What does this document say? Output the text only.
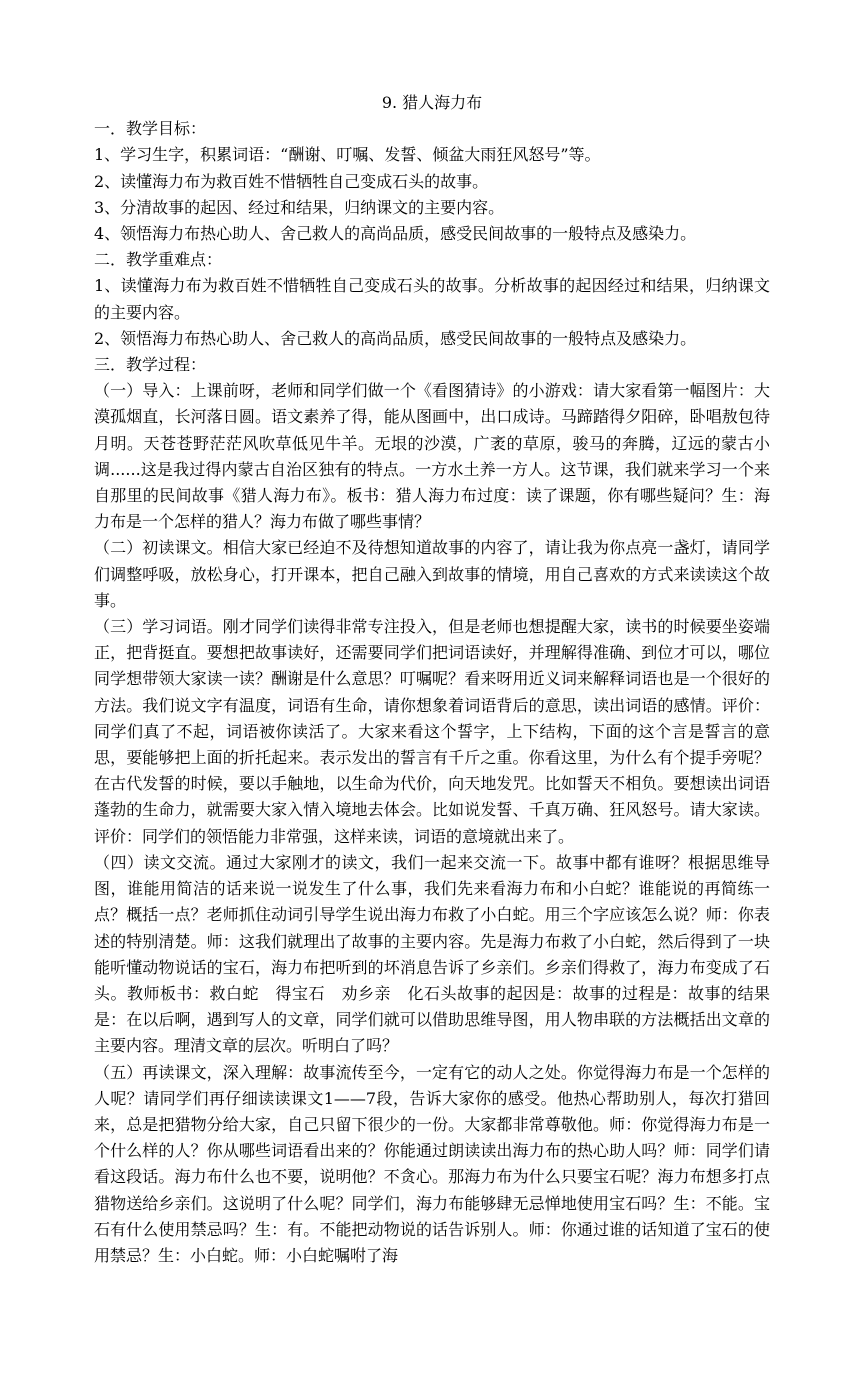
9. 猎人海力布

一．教学目标：

1、学习生字，积累词语：“酬谢、叮嘱、发誓、倾盆大雨狂风怒号”等。

2、读懂海力布为救百姓不惜牺牲自己变成石头的故事。

3、分清故事的起因、经过和结果，归纳课文的主要内容。

4、领悟海力布热心助人、舍己救人的高尚品质，感受民间故事的一般特点及感染力。

二．教学重难点：

1、读懂海力布为救百姓不惜牺牲自己变成石头的故事。分析故事的起因经过和结果，归纳课文的主要内容。

2、领悟海力布热心助人、舍己救人的高尚品质，感受民间故事的一般特点及感染力。

三．教学过程：

（一）导入：上课前呀，老师和同学们做一个《看图猜诗》的小游戏：请大家看第一幅图片：大漠孤烟直，长河落日圆。语文素养了得，能从图画中，出口成诗。马蹄踏得夕阳碎，卧唱敖包待月明。天苍苍野茫茫风吹草低见牛羊。无垠的沙漠，广袤的草原，骏马的奔腾，辽远的蒙古小调......这是我过得内蒙古自治区独有的特点。一方水土养一方人。这节课，我们就来学习一个来自那里的民间故事《猎人海力布》。板书：猎人海力布过度：读了课题，你有哪些疑问？生：海力布是一个怎样的猎人？海力布做了哪些事情？

（二）初读课文。相信大家已经迫不及待想知道故事的内容了，请让我为你点亮一盏灯，请同学们调整呼吸，放松身心，打开课本，把自己融入到故事的情境，用自己喜欢的方式来读读这个故事。

（三）学习词语。刚才同学们读得非常专注投入，但是老师也想提醒大家，读书的时候要坐姿端正，把背挺直。要想把故事读好，还需要同学们把词语读好，并理解得准确、到位才可以，哪位同学想带领大家读一读？酬谢是什么意思？叮嘱呢？看来呀用近义词来解释词语也是一个很好的方法。我们说文字有温度，词语有生命，请你想象着词语背后的意思，读出词语的感情。评价：同学们真了不起，词语被你读活了。大家来看这个誓字，上下结构，下面的这个言是誓言的意思，要能够把上面的折托起来。表示发出的誓言有千斤之重。你看这里，为什么有个提手旁呢？在古代发誓的时候，要以手触地，以生命为代价，向天地发咒。比如誓天不相负。要想读出词语蓬勃的生命力，就需要大家入情入境地去体会。比如说发誓、千真万确、狂风怒号。请大家读。评价：同学们的领悟能力非常强，这样来读，词语的意境就出来了。

（四）读文交流。通过大家刚才的读文，我们一起来交流一下。故事中都有谁呀？根据思维导图，谁能用简洁的话来说一说发生了什么事，我们先来看海力布和小白蛇？谁能说的再简练一点？概括一点？老师抓住动词引导学生说出海力布救了小白蛇。用三个字应该怎么说？师：你表述的特别清楚。师：这我们就理出了故事的主要内容。先是海力布救了小白蛇，然后得到了一块能听懂动物说话的宝石，海力布把听到的坏消息告诉了乡亲们。乡亲们得救了，海力布变成了石头。教师板书：救白蛇　得宝石　劝乡亲　化石头故事的起因是：故事的过程是：故事的结果是：在以后啊，遇到写人的文章，同学们就可以借助思维导图，用人物串联的方法概括出文章的主要内容。理清文章的层次。听明白了吗？

（五）再读课文，深入理解：故事流传至今，一定有它的动人之处。你觉得海力布是一个怎样的人呢？请同学们再仔细读读课文1——7段，告诉大家你的感受。他热心帮助别人，每次打猎回来，总是把猎物分给大家，自己只留下很少的一份。大家都非常尊敬他。师：你觉得海力布是一个什么样的人？你从哪些词语看出来的？你能通过朗读读出海力布的热心助人吗？师：同学们请看这段话。海力布什么也不要，说明他？不贪心。那海力布为什么只要宝石呢？海力布想多打点猎物送给乡亲们。这说明了什么呢？同学们，海力布能够肆无忌惮地使用宝石吗？生：不能。宝石有什么使用禁忌吗？生：有。不能把动物说的话告诉别人。师：你通过谁的话知道了宝石的使用禁忌？生：小白蛇。师：小白蛇嘱咐了海
